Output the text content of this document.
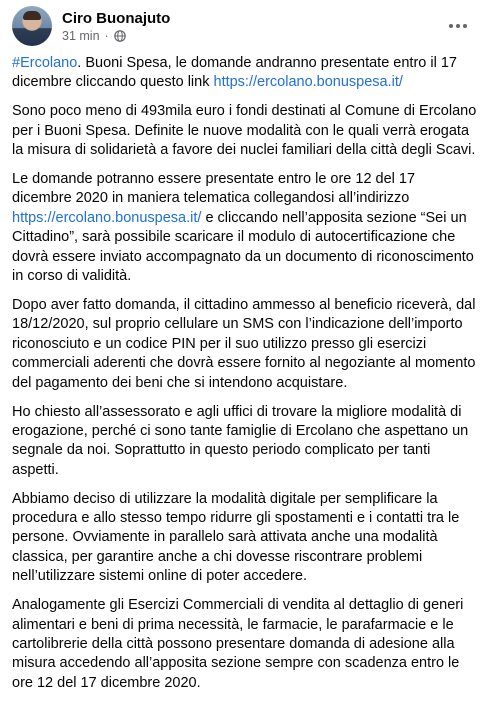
Ciro Buonajuto
31 min ·

#Ercolano. Buoni Spesa, le domande andranno presentate entro il 17 dicembre cliccando questo link https://ercolano.bonuspesa.it/

Sono poco meno di 493mila euro i fondi destinati al Comune di Ercolano per i Buoni Spesa. Definite le nuove modalità con le quali verrà erogata la misura di solidarietà a favore dei nuclei familiari della città degli Scavi.

Le domande potranno essere presentate entro le ore 12 del 17 dicembre 2020 in maniera telematica collegandosi all’indirizzo https://ercolano.bonuspesa.it/ e cliccando nell’apposita sezione “Sei un Cittadino”, sarà possibile scaricare il modulo di autocertificazione che dovrà essere inviato accompagnato da un documento di riconoscimento in corso di validità.

Dopo aver fatto domanda, il cittadino ammesso al beneficio riceverà, dal 18/12/2020, sul proprio cellulare un SMS con l’indicazione dell’importo riconosciuto e un codice PIN per il suo utilizzo presso gli esercizi commerciali aderenti che dovrà essere fornito al negoziante al momento del pagamento dei beni che si intendono acquistare.

Ho chiesto all’assessorato e agli uffici di trovare la migliore modalità di erogazione, perché ci sono tante famiglie di Ercolano che aspettano un segnale da noi. Soprattutto in questo periodo complicato per tanti aspetti.

Abbiamo deciso di utilizzare la modalità digitale per semplificare la procedura e allo stesso tempo ridurre gli spostamenti e i contatti tra le persone. Ovviamente in parallelo sarà attivata anche una modalità classica, per garantire anche a chi dovesse riscontrare problemi nell’utilizzare sistemi online di poter accedere.

Analogamente gli Esercizi Commerciali di vendita al dettaglio di generi alimentari e beni di prima necessità, le farmacie, le parafarmacie e le cartolibrerie della città possono presentare domanda di adesione alla misura accedendo all’apposita sezione sempre con scadenza entro le ore 12 del 17 dicembre 2020.
